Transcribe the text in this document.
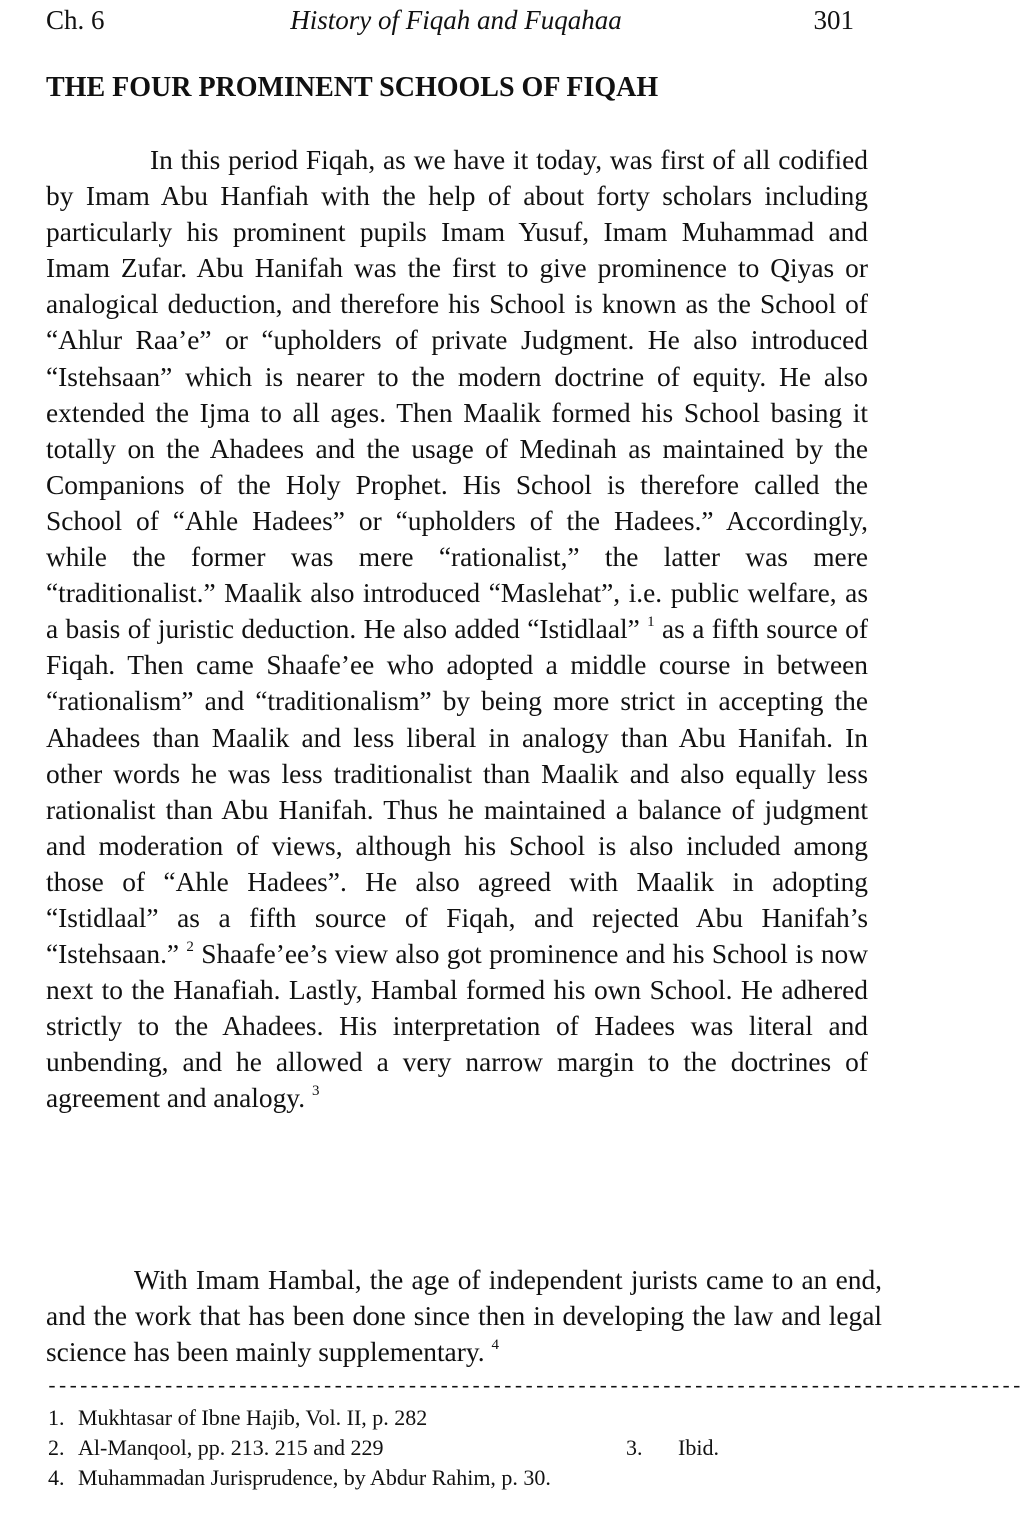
Ch. 6	History of Fiqah and Fuqahaa	301
THE FOUR PROMINENT SCHOOLS OF FIQAH

In this period Fiqah, as we have it today, was first of all codified by Imam Abu Hanfiah with the help of about forty scholars including particularly his prominent pupils Imam Yusuf, Imam Muhammad and Imam Zufar. Abu Hanifah was the first to give prominence to Qiyas or analogical deduction, and therefore his School is known as the School of “Ahlur Raa’e” or “upholders of private Judgment. He also introduced “Istehsaan” which is nearer to the modern doctrine of equity. He also extended the Ijma to all ages. Then Maalik formed his School basing it totally on the Ahadees and the usage of Medinah as maintained by the Companions of the Holy Prophet. His School is therefore called the School of “Ahle Hadees” or “upholders of the Hadees.” Accordingly, while the former was mere “rationalist,” the latter was mere “traditionalist.” Maalik also introduced “Maslehat”, i.e. public welfare, as a basis of juristic deduction. He also added “Istidlaal” $^1$ as a fifth source of Fiqah. Then came Shaafe’ee who adopted a middle course in between “rationalism” and “traditionalism” by being more strict in accepting the Ahadees than Maalik and less liberal in analogy than Abu Hanifah. In other words he was less traditionalist than Maalik and also equally less rationalist than Abu Hanifah. Thus he maintained a balance of judgment and moderation of views, although his School is also included among those of “Ahle Hadees”. He also agreed with Maalik in adopting “Istidlaal” as a fifth source of Fiqah, and rejected Abu Hanifah’s “Istehsaan.” $^2$ Shaafe’ee’s view also got prominence and his School is now next to the Hanafiah. Lastly, Hambal formed his own School. He adhered strictly to the Ahadees. His interpretation of Hadees was literal and unbending, and he allowed a very narrow margin to the doctrines of agreement and analogy. $^3$

With Imam Hambal, the age of independent jurists came to an end, and the work that has been done since then in developing the law and legal science has been mainly supplementary. $^4$

--------------------------------------------------------------------------------------------
1. Mukhtasar of Ibne Hajib, Vol. II, p. 282
2. Al-Manqool, pp. 213. 215 and 229	3. Ibid.
4. Muhammadan Jurisprudence, by Abdur Rahim, p. 30.
